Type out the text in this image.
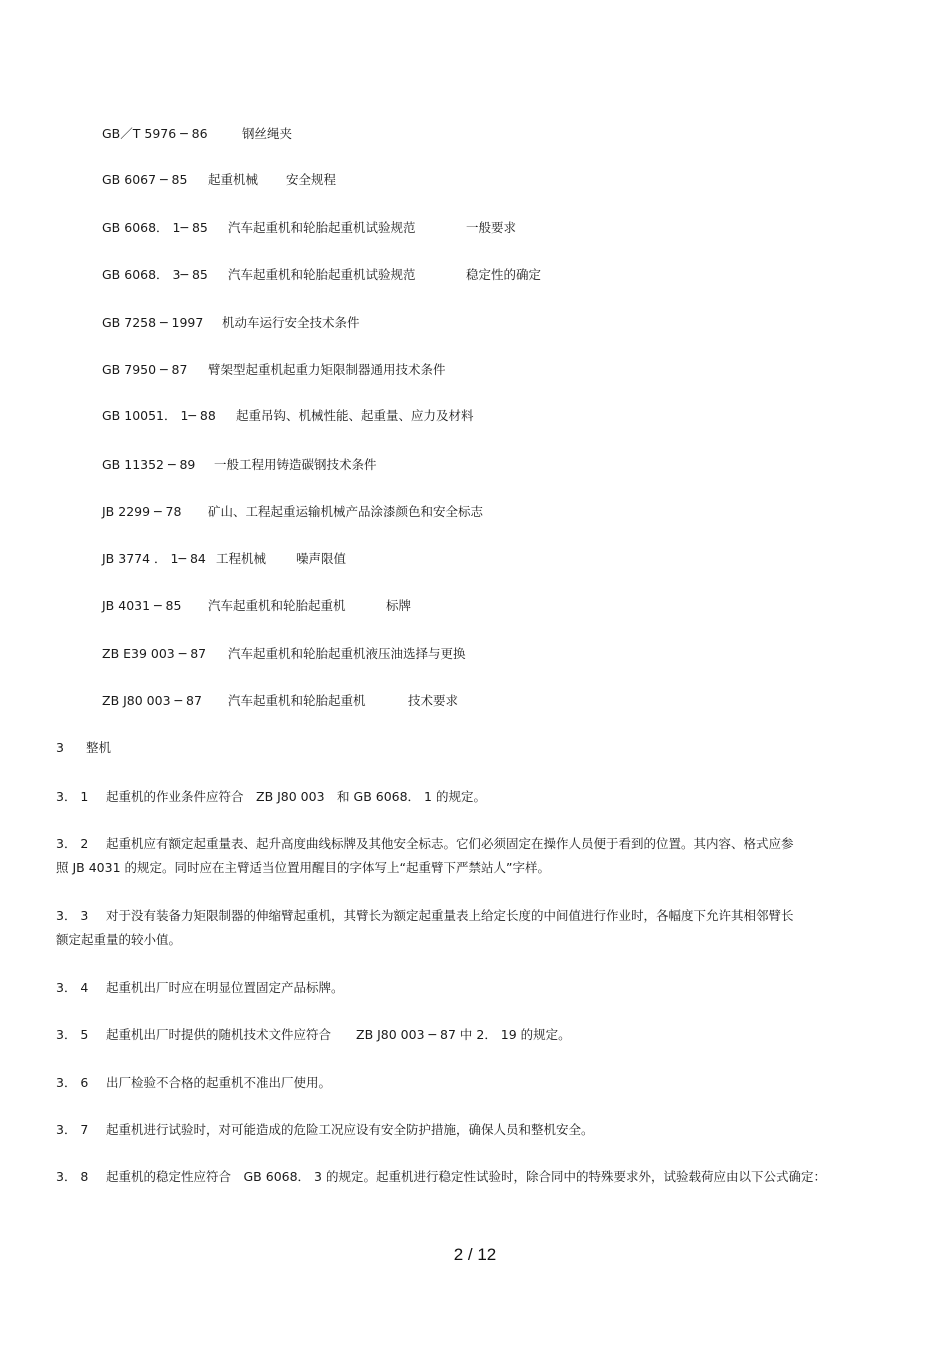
GB／T 5976 ─ 86	钢丝绳夹
GB 6067 ─ 85 起重机械 安全规程
GB 6068． 1─ 85 汽车起重机和轮胎起重机试验规范	一般要求
GB 6068． 3─ 85 汽车起重机和轮胎起重机试验规范	稳定性的确定
GB 7258 ─ 1997 机动车运行安全技术条件
GB 7950 ─ 87 臂架型起重机起重力矩限制器通用技术条件
GB 10051． 1─ 88 起重吊钩、机械性能、起重量、应力及材料
GB 11352 ─ 89 一般工程用铸造碳钢技术条件
JB 2299 ─ 78 矿山、工程起重运输机械产品涂漆颜色和安全标志
JB 3774 ． 1─ 84 工程机械 噪声限值
JB 4031 ─ 85 汽车起重机和轮胎起重机	标牌
ZB E39 003 ─ 87 汽车起重机和轮胎起重机液压油选择与更换
ZB J80 003 ─ 87 汽车起重机和轮胎起重机	技术要求
3 整机
3． 1 起重机的作业条件应符合　ZB J80 003　和 GB 6068． 1 的规定。
3． 2 起重机应有额定起重量表、起升高度曲线标牌及其他安全标志。它们必须固定在操作人员便于看到的位置。其内容、格式应参
照 JB 4031 的规定。同时应在主臂适当位置用醒目的字体写上“起重臂下严禁站人”字样。
3． 3 对于没有装备力矩限制器的伸缩臂起重机，其臂长为额定起重量表上给定长度的中间值进行作业时，各幅度下允许其相邻臂长
额定起重量的较小值。
3． 4 起重机出厂时应在明显位置固定产品标牌。
3． 5 起重机出厂时提供的随机技术文件应符合　　ZB J80 003 ─ 87 中 2． 19 的规定。
3． 6 出厂检验不合格的起重机不准出厂使用。
3． 7 起重机进行试验时，对可能造成的危险工况应设有安全防护措施，确保人员和整机安全。
3． 8 起重机的稳定性应符合　GB 6068． 3 的规定。起重机进行稳定性试验时，除合同中的特殊要求外，试验载荷应由以下公式确定：
2 / 12
